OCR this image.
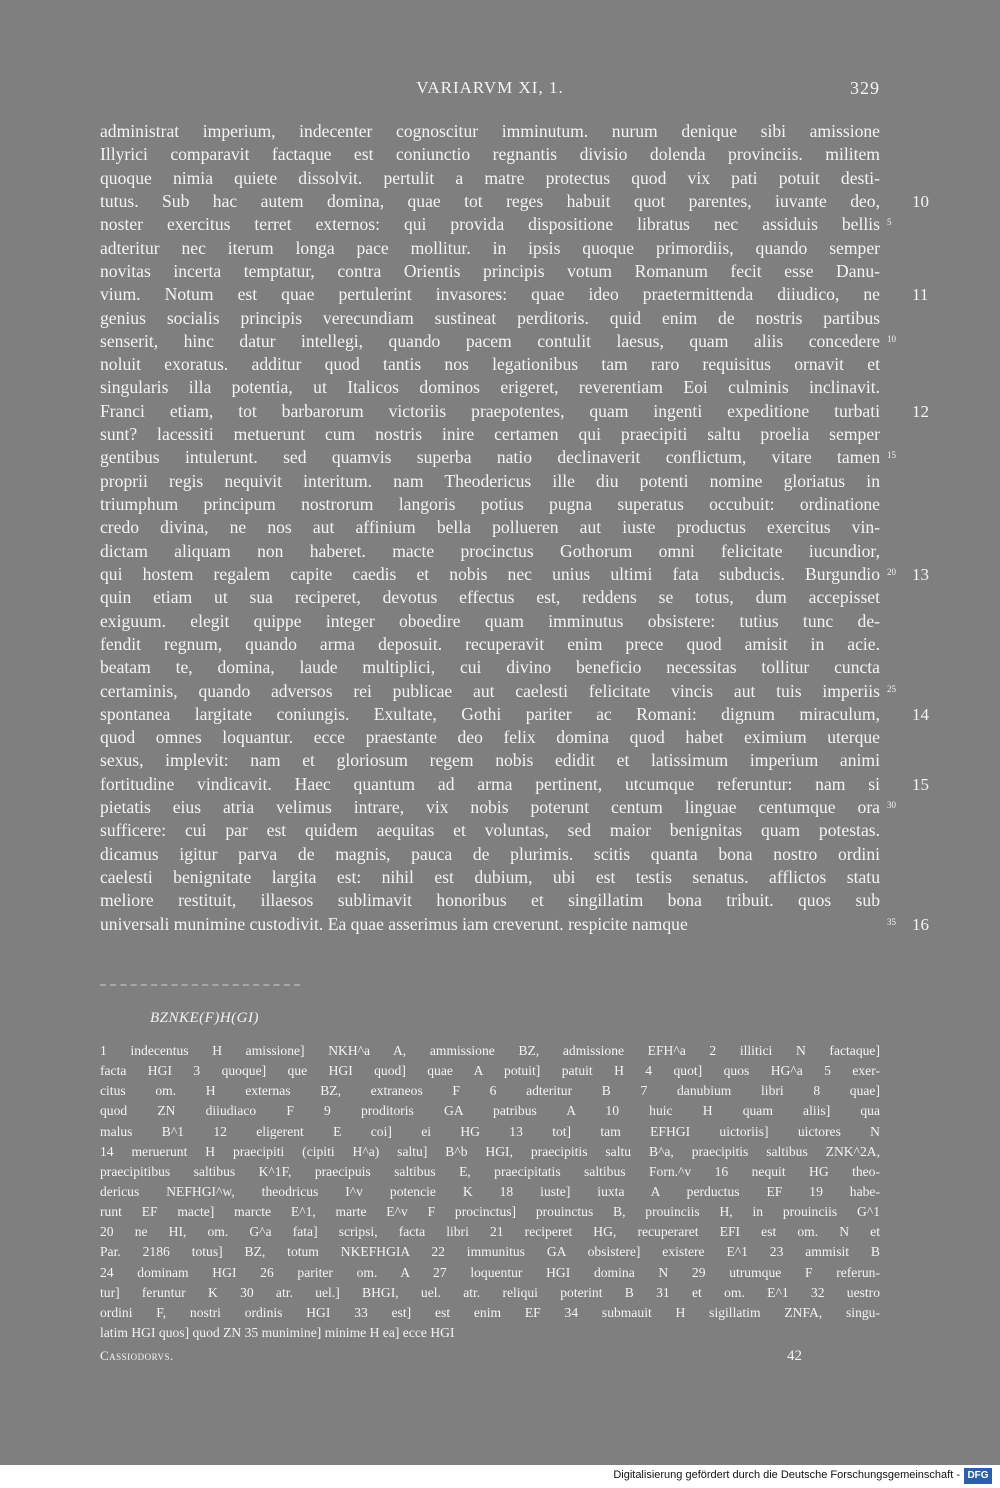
VARIARVM XI, 1.	329
administrat imperium, indecenter cognoscitur imminutum. nurum denique sibi amissione
Illyrici comparavit factaque est coniunctio regnantis divisio dolenda provinciis. militem
quoque nimia quiete dissolvit. pertulit a matre protectus quod vix pati potuit desti-
tutus. Sub hac autem domina, quae tot reges habuit quot parentes, iuvante deo, 10
noster exercitus terret externos: qui provida dispositione libratus nec assiduis bellis 5
adteritur nec iterum longa pace mollitur. in ipsis quoque primordiis, quando semper
novitas incerta temptatur, contra Orientis principis votum Romanum fecit esse Danu-
vium. Notum est quae pertulerint invasores: quae ideo praetermittenda diiudico, ne 11
genius socialis principis verecundiam sustineat perditoris. quid enim de nostris partibus
senserit, hinc datur intellegi, quando pacem contulit laesus, quam aliis concedere 10
noluit exoratus. additur quod tantis nos legationibus tam raro requisitus ornavit et
singularis illa potentia, ut Italicos dominos erigeret, reverentiam Eoi culminis inclinavit.
Franci etiam, tot barbarorum victoriis praepotentes, quam ingenti expeditione turbati 12
sunt? lacessiti metuerunt cum nostris inire certamen qui praecipiti saltu proelia semper
gentibus intulerunt. sed quamvis superba natio declinaverit conflictum, vitare tamen 15
proprii regis nequivit interitum. nam Theodericus ille diu potenti nomine gloriatus in
triumphum principum nostrorum langoris potius pugna superatus occubuit: ordinatione
credo divina, ne nos aut affinium bella pollueren aut iuste productus exercitus vin-
dictam aliquam non haberet. macte procinctus Gothorum omni felicitate iucundior,
qui hostem regalem capite caedis et nobis nec unius ultimi fata subducis. Burgundio 20 13
quin etiam ut sua reciperet, devotus effectus est, reddens se totus, dum accepisset
exiguum. elegit quippe integer oboedire quam imminutus obsistere: tutius tunc de-
fendit regnum, quando arma deposuit. recuperavit enim prece quod amisit in acie.
beatam te, domina, laude multiplici, cui divino beneficio necessitas tollitur cuncta
certaminis, quando adversos rei publicae aut caelesti felicitate vincis aut tuis imperiis 25
spontanea largitate coniungis. Exultate, Gothi pariter ac Romani: dignum miraculum, 14
quod omnes loquantur. ecce praestante deo felix domina quod habet eximium uterque
sexus, implevit: nam et gloriosum regem nobis edidit et latissimum imperium animi
fortitudine vindicavit. Haec quantum ad arma pertinent, utcumque referuntur: nam si 15
pietatis eius atria velimus intrare, vix nobis poterunt centum linguae centumque ora 30
sufficere: cui par est quidem aequitas et voluntas, sed maior benignitas quam potestas.
dicamus igitur parva de magnis, pauca de plurimis. scitis quanta bona nostro ordini
caelesti benignitate largita est: nihil est dubium, ubi est testis senatus. afflictos statu
meliore restituit, illaesos sublimavit honoribus et singillatim bona tribuit. quos sub
universali munimine custodivit. Ea quae asserimus iam creverunt. respicite namque	35 16
BZNKE(F)H(GI)
1 indecentus H amissione] NKH^a A, ammissione BZ, admissione EFH^a 2 illitici N factaque]
facta HGI 3 quoque] que HGI quod] quae A potuit] patuit H 4 quot] quos HG^a 5 exer-
citus om. H externas BZ, extraneos F 6 adteritur B 7 danubium libri 8 quae]
quod ZN diiudiaco F 9 proditoris GA patribus A 10 huic H quam aliis] qua
malus B^1 12 eligerent E coi] ei HG 13 tot] tam EFHGI uictoriis] uictores N
14 meruerunt H praecipiti (cipiti H^a) saltu] B^b HGI, praecipitis saltu B^a, praecipitis saltibus ZNK^2A,
praecipitibus saltibus K^1F, praecipuis saltibus E, praecipitatis saltibus Forn.^v 16 nequit HG theo-
dericus NEFHGI^w, theodricus I^v potencie K 18 iuste] iuxta A perductus EF 19 habe-
runt EF macte] marcte E^1, marte E^v F procinctus] prouinctus B, prouinciis H, in prouinciis G^1
20 ne HI, om. G^a fata] scripsi, facta libri 21 reciperet HG, recuperaret EFI est om. N et
Par. 2186 totus] BZ, totum NKEFHGIA 22 immunitus GA obsistere] existere E^1 23 ammisit B
24 dominam HGI 26 pariter om. A 27 loquentur HGI domina N 29 utrumque F referun-
tur] feruntur K 30 atr. uel.] BHGI, uel. atr. reliqui poterint B 31 et om. E^1 32 uestro
ordini F, nostri ordinis HGI 33 est] est enim EF 34 submauit H sigillatim ZNFA, singu-
latim HGI quos] quod ZN 35 munimine] minime H ea] ecce HGI
Cassiodorvs.	42
Digitalisierung gefördert durch die Deutsche Forschungsgemeinschaft - DFG
